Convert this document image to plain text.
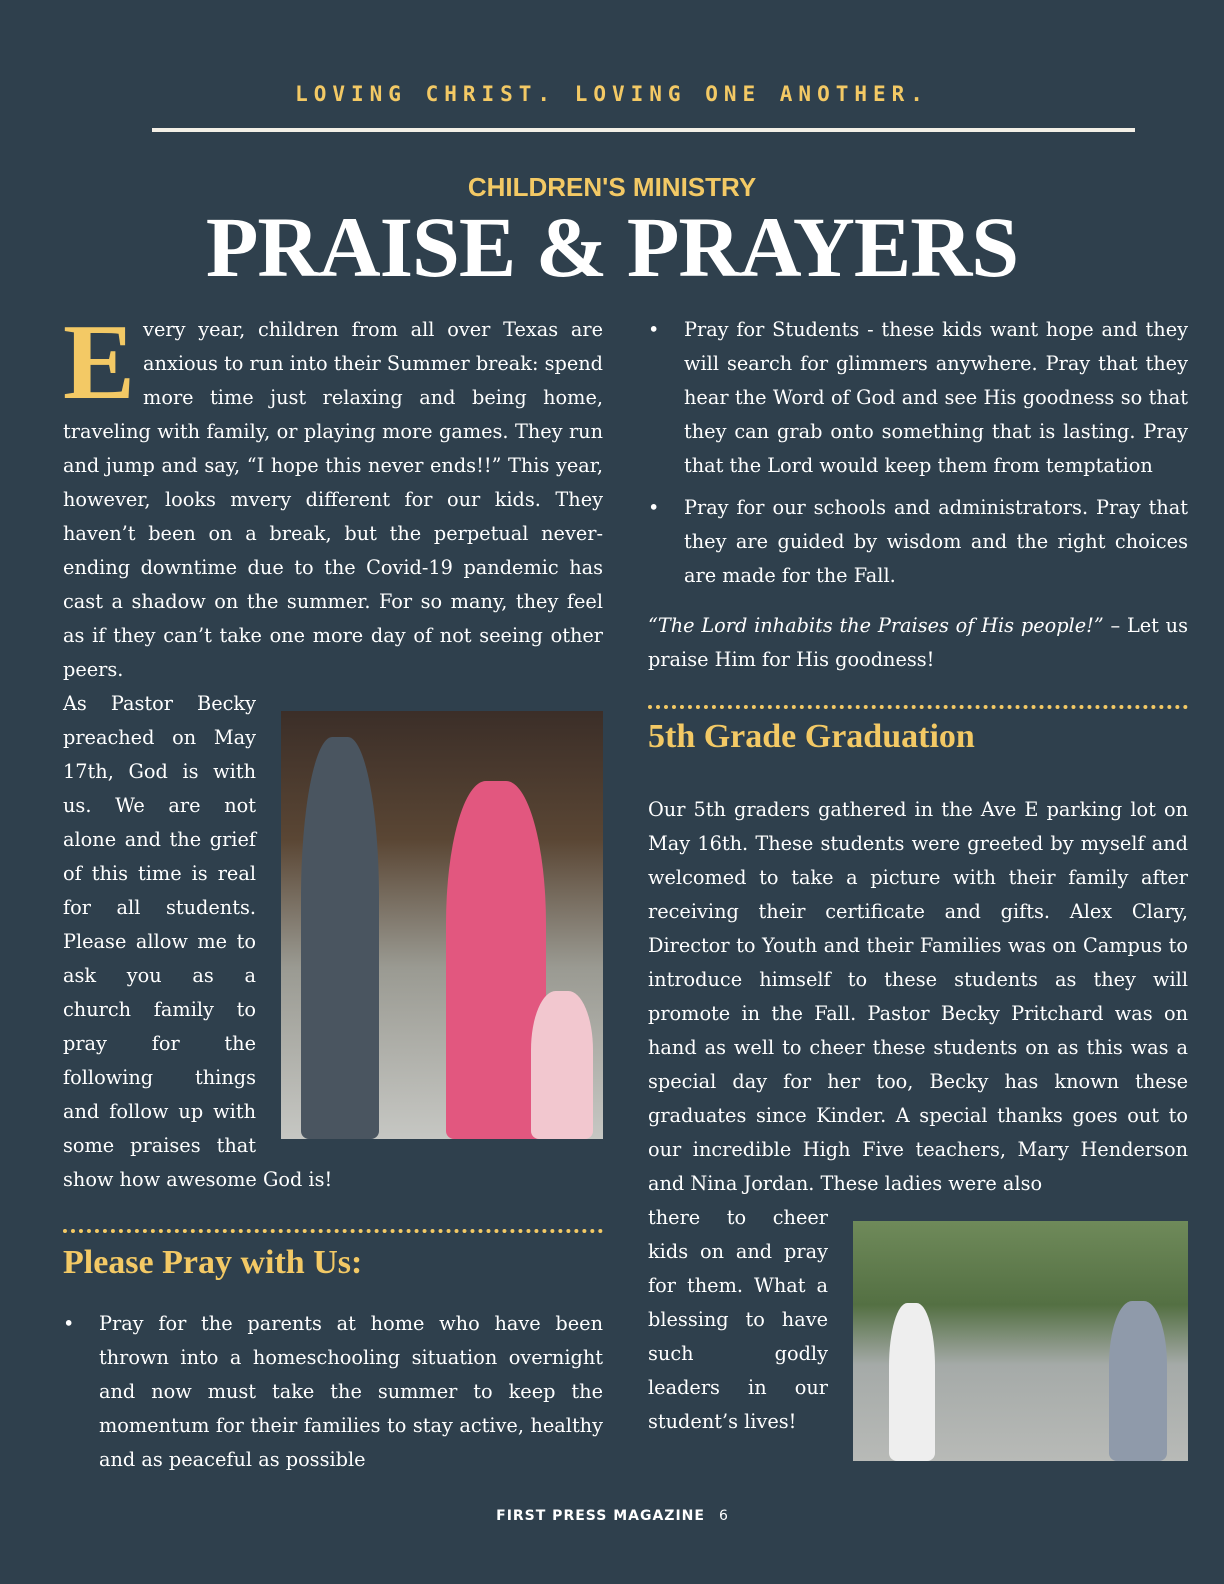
LOVING CHRIST. LOVING ONE ANOTHER.
CHILDREN'S MINISTRY
PRAISE & PRAYERS

Every year, children from all over Texas are anxious to run into their Summer break: spend more time just relaxing and being home, traveling with family, or playing more games. They run and jump and say, “I hope this never ends!!” This year, however, looks mvery different for our kids. They haven’t been on a break, but the perpetual never-ending downtime due to the Covid-19 pandemic has cast a shadow on the summer. For so many, they feel as if they can’t take one more day of not seeing other peers.

As Pastor Becky preached on May 17th, God is with us. We are not alone and the grief of this time is real for all students. Please allow me to ask you as a church family to pray for the following things and follow up with some praises that show how awesome God is!

Please Pray with Us:
• Pray for the parents at home who have been thrown into a homeschooling situation overnight and now must take the summer to keep the momentum for their families to stay active, healthy and as peaceful as possible
• Pray for Students - these kids want hope and they will search for glimmers anywhere. Pray that they hear the Word of God and see His goodness so that they can grab onto something that is lasting. Pray that the Lord would keep them from temptation
• Pray for our schools and administrators. Pray that they are guided by wisdom and the right choices are made for the Fall.

“The Lord inhabits the Praises of His people!” – Let us praise Him for His goodness!

5th Grade Graduation

Our 5th graders gathered in the Ave E parking lot on May 16th. These students were greeted by myself and welcomed to take a picture with their family after receiving their certificate and gifts. Alex Clary, Director to Youth and their Families was on Campus to introduce himself to these students as they will promote in the Fall. Pastor Becky Pritchard was on hand as well to cheer these students on as this was a special day for her too, Becky has known these graduates since Kinder. A special thanks goes out to our incredible High Five teachers, Mary Henderson and Nina Jordan. These ladies were also

there to cheer kids on and pray for them. What a blessing to have such godly leaders in our student’s lives!

FIRST PRESS MAGAZINE 6
